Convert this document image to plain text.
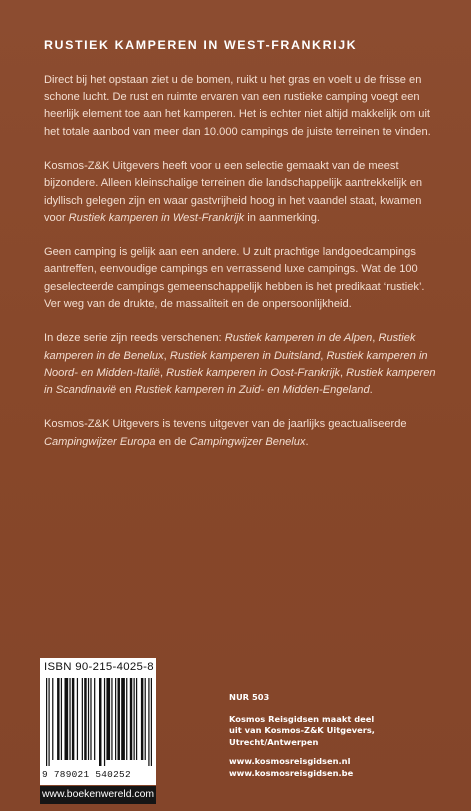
RUSTIEK KAMPEREN IN WEST-FRANKRIJK

Direct bij het opstaan ziet u de bomen, ruikt u het gras en voelt u de frisse en schone lucht. De rust en ruimte ervaren van een rustieke camping voegt een heerlijk element toe aan het kamperen. Het is echter niet altijd makkelijk om uit het totale aanbod van meer dan 10.000 campings de juiste terreinen te vinden.

Kosmos-Z&K Uitgevers heeft voor u een selectie gemaakt van de meest bijzondere. Alleen kleinschalige terreinen die landschappelijk aantrekkelijk en idyllisch gelegen zijn en waar gastvrijheid hoog in het vaandel staat, kwamen voor Rustiek kamperen in West-Frankrijk in aanmerking.

Geen camping is gelijk aan een andere. U zult prachtige landgoedcampings aantreffen, eenvoudige campings en verrassend luxe campings. Wat de 100 geselecteerde campings gemeenschappelijk hebben is het predikaat ‘rustiek’. Ver weg van de drukte, de massaliteit en de onpersoonlijkheid.

In deze serie zijn reeds verschenen: Rustiek kamperen in de Alpen, Rustiek kamperen in de Benelux, Rustiek kamperen in Duitsland, Rustiek kamperen in Noord- en Midden-Italië, Rustiek kamperen in Oost-Frankrijk, Rustiek kamperen in Scandinavië en Rustiek kamperen in Zuid- en Midden-Engeland.

Kosmos-Z&K Uitgevers is tevens uitgever van de jaarlijks geactualiseerde Campingwijzer Europa en de Campingwijzer Benelux.

ISBN 90-215-4025-8
9 789021 540252
www.boekenwereld.com
NUR 503
Kosmos Reisgidsen maakt deel
uit van Kosmos-Z&K Uitgevers,
Utrecht/Antwerpen
www.kosmosreisgidsen.nl
www.kosmosreisgidsen.be
